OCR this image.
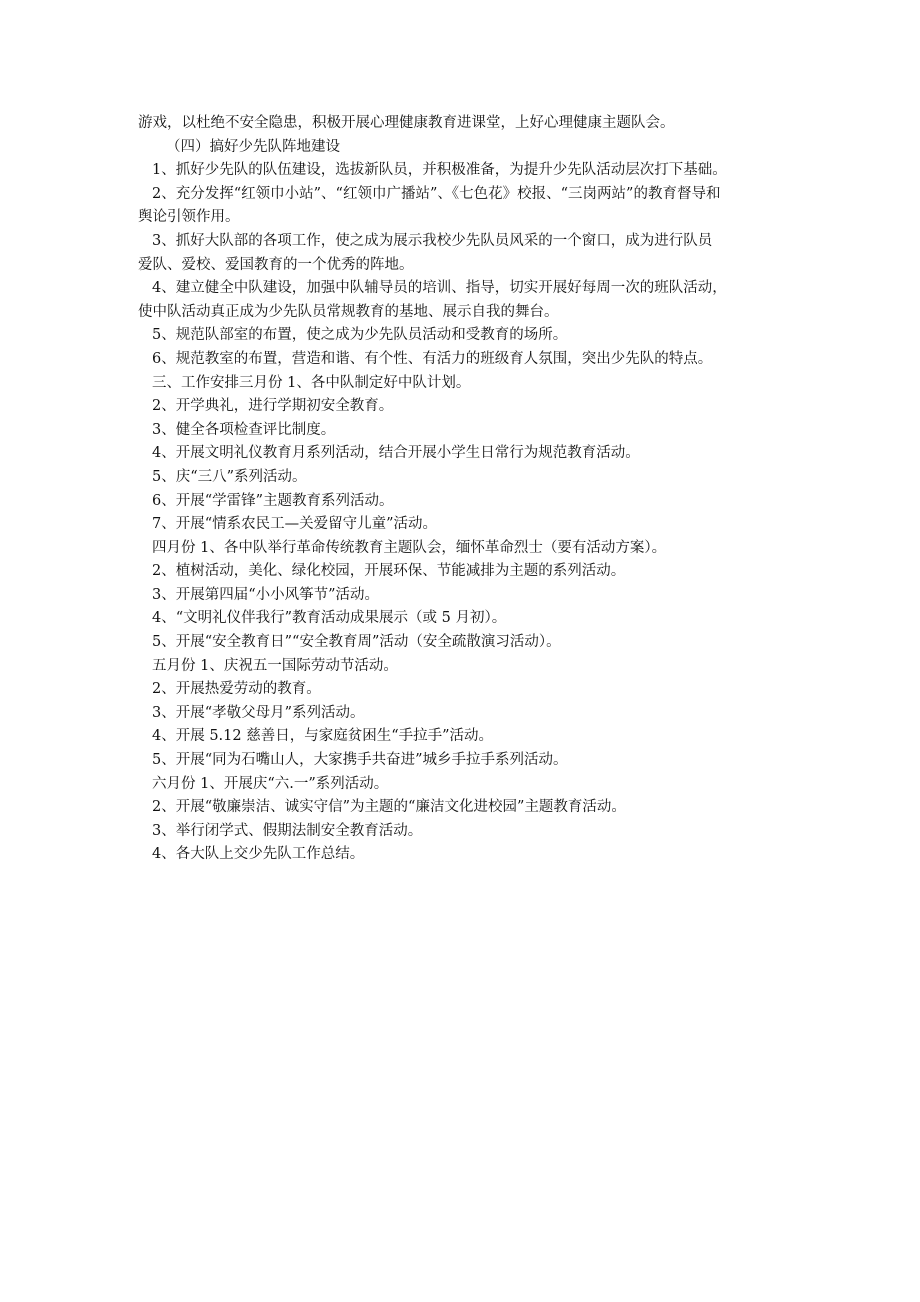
游戏，以杜绝不安全隐患，积极开展心理健康教育进课堂，上好心理健康主题队会。
（四）搞好少先队阵地建设
1、抓好少先队的队伍建设，选拔新队员，并积极准备，为提升少先队活动层次打下基础。
2、充分发挥“红领巾小站”、“红领巾广播站”、《七色花》校报、“三岗两站”的教育督导和
舆论引领作用。
3、抓好大队部的各项工作，使之成为展示我校少先队员风采的一个窗口，成为进行队员
爱队、爱校、爱国教育的一个优秀的阵地。
4、建立健全中队建设，加强中队辅导员的培训、指导，切实开展好每周一次的班队活动，
使中队活动真正成为少先队员常规教育的基地、展示自我的舞台。
5、规范队部室的布置，使之成为少先队员活动和受教育的场所。
6、规范教室的布置，营造和谐、有个性、有活力的班级育人氛围，突出少先队的特点。
三、工作安排三月份 1、各中队制定好中队计划。
2、开学典礼，进行学期初安全教育。
3、健全各项检查评比制度。
4、开展文明礼仪教育月系列活动，结合开展小学生日常行为规范教育活动。
5、庆“三八”系列活动。
6、开展“学雷锋”主题教育系列活动。
7、开展“情系农民工—关爱留守儿童”活动。
四月份 1、各中队举行革命传统教育主题队会，缅怀革命烈士（要有活动方案）。
2、植树活动，美化、绿化校园，开展环保、节能减排为主题的系列活动。
3、开展第四届“小小风筝节”活动。
4、“文明礼仪伴我行”教育活动成果展示（或 5 月初）。
5、开展“安全教育日”“安全教育周”活动（安全疏散演习活动）。
五月份 1、庆祝五一国际劳动节活动。
2、开展热爱劳动的教育。
3、开展“孝敬父母月”系列活动。
4、开展 5.12 慈善日，与家庭贫困生“手拉手”活动。
5、开展“同为石嘴山人，大家携手共奋进”城乡手拉手系列活动。
六月份 1、开展庆“六.一”系列活动。
2、开展“敬廉崇洁、诚实守信”为主题的“廉洁文化进校园”主题教育活动。
3、举行闭学式、假期法制安全教育活动。
4、各大队上交少先队工作总结。
